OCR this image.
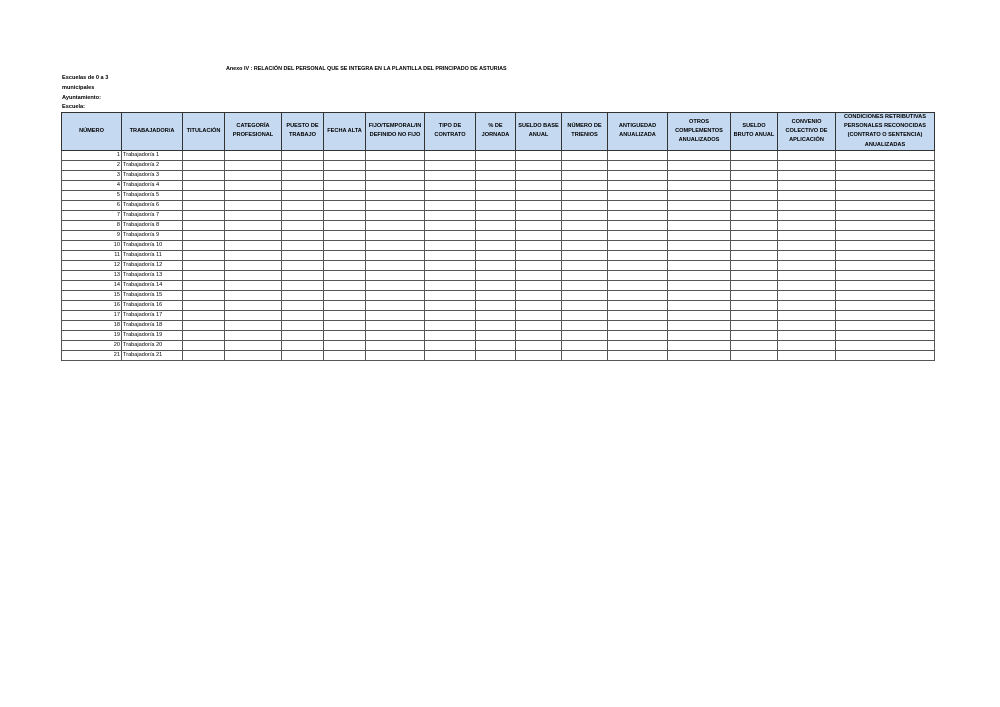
Anexo IV : RELACIÓN DEL PERSONAL QUE SE INTEGRA EN LA PLANTILLA DEL PRINCIPADO DE ASTURIAS
Escuelas de 0 a 3
municipales
Ayuntamiento:
Escuela:
NÚMERO	TRABAJADOR/A	TITULACIÓN	CATEGORÍA PROFESIONAL	PUESTO DE TRABAJO	FECHA ALTA	FIJO/TEMPORAL/INDEFINIDO NO FIJO	TIPO DE CONTRATO	% DE JORNADA	SUELDO BASE ANUAL	NÚMERO DE TRIENIOS	ANTIGUEDAD ANUALIZADA	OTROS COMPLEMENTOS ANUALIZADOS	SUELDO BRUTO ANUAL	CONVENIO COLECTIVO DE APLICACIÓN	CONDICIONES RETRIBUTIVAS PERSONALES RECONOCIDAS (CONTRATO O SENTENCIA) ANUALIZADAS
1	Trabajador/a 1														
2	Trabajador/a 2														
3	Trabajador/a 3														
4	Trabajador/a 4														
5	Trabajador/a 5														
6	Trabajador/a 6														
7	Trabajador/a 7														
8	Trabajador/a 8														
9	Trabajador/a 9														
10	Trabajador/a 10														
11	Trabajador/a 11														
12	Trabajador/a 12														
13	Trabajador/a 13														
14	Trabajador/a 14														
15	Trabajador/a 15														
16	Trabajador/a 16														
17	Trabajador/a 17														
18	Trabajador/a 18														
19	Trabajador/a 19														
20	Trabajador/a 20														
21	Trabajador/a 21														
